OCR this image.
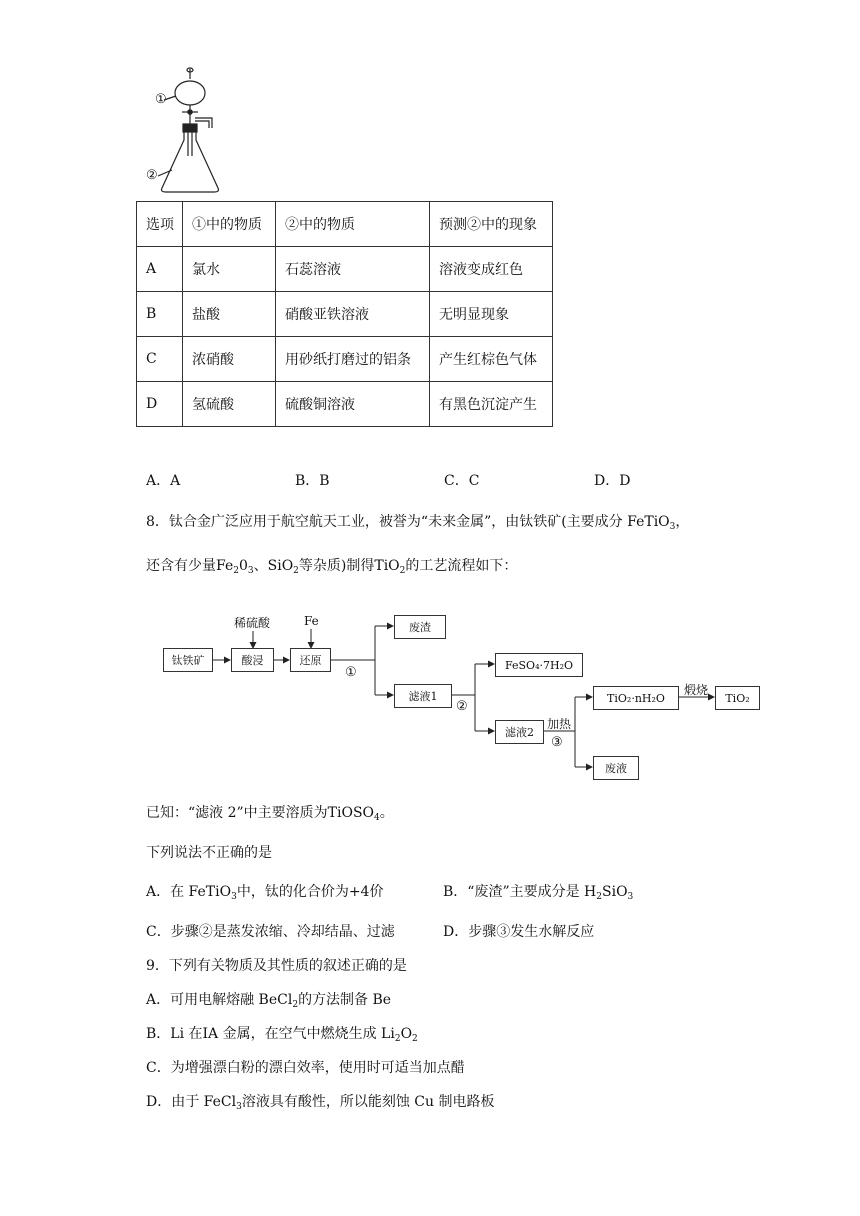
①
②
选项	①中的物质	②中的物质	预测②中的现象
A	氯水	石蕊溶液	溶液变成红色
B	盐酸	硝酸亚铁溶液	无明显现象
C	浓硝酸	用砂纸打磨过的铝条	产生红棕色气体
D	氢硫酸	硫酸铜溶液	有黑色沉淀产生
A．A	B．B	C．C	D．D
8．钛合金广泛应用于航空航天工业，被誉为“未来金属”，由钛铁矿(主要成分 FeTiO$_3$，
还含有少量$Fe_20_3$、SiO$_2$等杂质)制得TiO$_2$的工艺流程如下：
钛铁矿	酸浸	还原
废渣
滤液1
FeSO₄·7H₂O
滤液2
TiO₂·nH₂O
废液
TiO₂
稀硫酸	Fe
①
②
加热
③
煅烧
已知：“滤液 2”中主要溶质为TiOSO$_4$。
下列说法不正确的是
A．在 FeTiO$_3$中，钛的化合价为+4价	B．“废渣”主要成分是 $H_2SiO_3$
C．步骤②是蒸发浓缩、冷却结晶、过滤	D．步骤③发生水解反应
9．下列有关物质及其性质的叙述正确的是
A．可用电解熔融 BeCl$_2$的方法制备 Be
B．Li 在ⅠA 金属，在空气中燃烧生成 $Li_2O_2$
C．为增强漂白粉的漂白效率，使用时可适当加点醋
D．由于 FeCl$_3$溶液具有酸性，所以能刻蚀 Cu 制电路板
